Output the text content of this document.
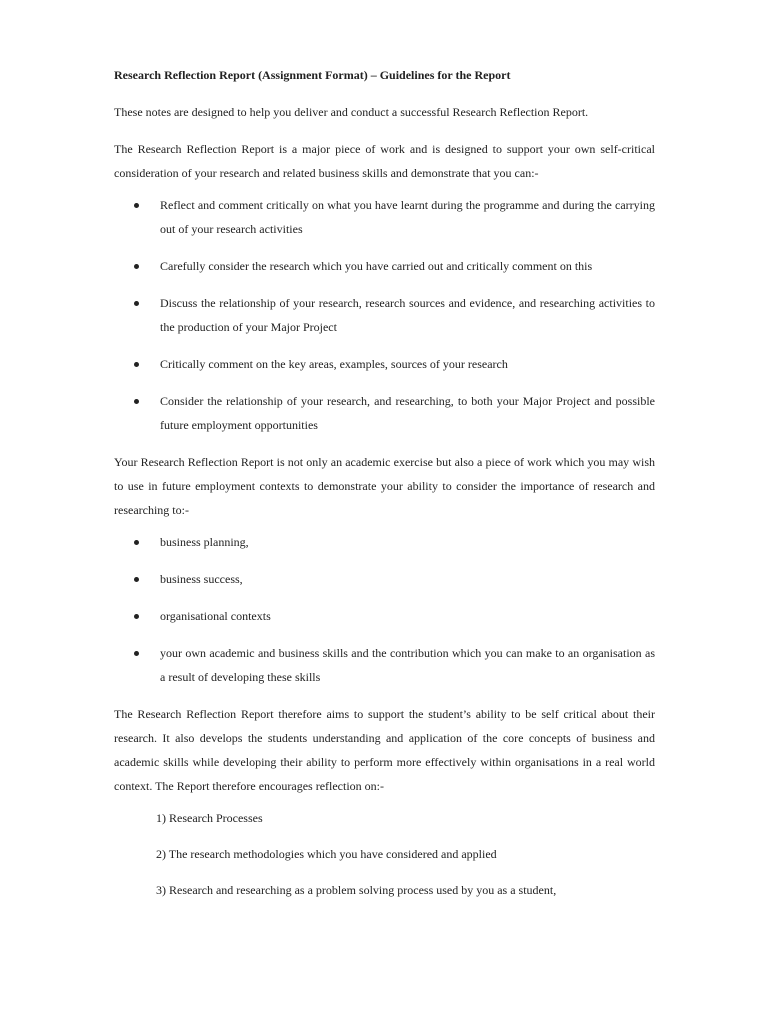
Research Reflection Report (Assignment Format) – Guidelines for the Report

These notes are designed to help you deliver and conduct a successful Research Reflection Report.

The Research Reflection Report is a major piece of work and is designed to support your own self-critical consideration of your research and related business skills and demonstrate that you can:-

Reflect and comment critically on what you have learnt during the programme and during the carrying out of your research activities
Carefully consider the research which you have carried out and critically comment on this
Discuss the relationship of your research, research sources and evidence, and researching activities to the production of your Major Project
Critically comment on the key areas, examples, sources of your research
Consider the relationship of your research, and researching, to both your Major Project and possible future employment opportunities

Your Research Reflection Report is not only an academic exercise but also a piece of work which you may wish to use in future employment contexts to demonstrate your ability to consider the importance of research and researching to:-

business planning,
business success,
organisational contexts
your own academic and business skills and the contribution which you can make to an organisation as a result of developing these skills

The Research Reflection Report therefore aims to support the student’s ability to be self critical about their research. It also develops the students understanding and application of the core concepts of business and academic skills while developing their ability to perform more effectively within organisations in a real world context. The Report therefore encourages reflection on:-

1) Research Processes
2) The research methodologies which you have considered and applied
3) Research and researching as a problem solving process used by you as a student,
